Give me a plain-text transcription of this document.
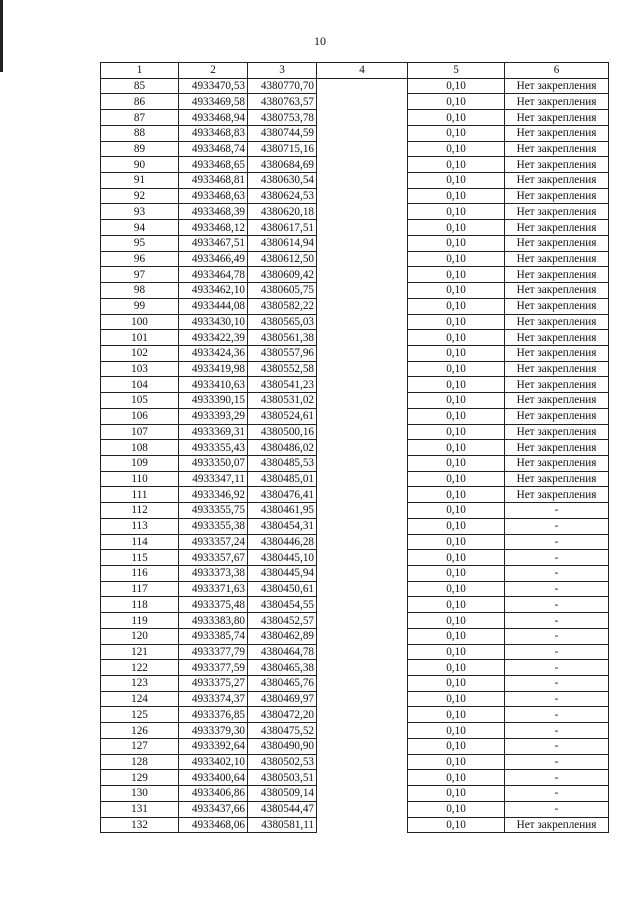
10
1	2	3	4	5	6
85	4933470,53	4380770,70		0,10	Нет закрепления
86	4933469,58	4380763,57		0,10	Нет закрепления
87	4933468,94	4380753,78		0,10	Нет закрепления
88	4933468,83	4380744,59		0,10	Нет закрепления
89	4933468,74	4380715,16		0,10	Нет закрепления
90	4933468,65	4380684,69		0,10	Нет закрепления
91	4933468,81	4380630,54		0,10	Нет закрепления
92	4933468,63	4380624,53		0,10	Нет закрепления
93	4933468,39	4380620,18		0,10	Нет закрепления
94	4933468,12	4380617,51		0,10	Нет закрепления
95	4933467,51	4380614,94		0,10	Нет закрепления
96	4933466,49	4380612,50		0,10	Нет закрепления
97	4933464,78	4380609,42		0,10	Нет закрепления
98	4933462,10	4380605,75		0,10	Нет закрепления
99	4933444,08	4380582,22		0,10	Нет закрепления
100	4933430,10	4380565,03		0,10	Нет закрепления
101	4933422,39	4380561,38		0,10	Нет закрепления
102	4933424,36	4380557,96		0,10	Нет закрепления
103	4933419,98	4380552,58		0,10	Нет закрепления
104	4933410,63	4380541,23		0,10	Нет закрепления
105	4933390,15	4380531,02		0,10	Нет закрепления
106	4933393,29	4380524,61		0,10	Нет закрепления
107	4933369,31	4380500,16		0,10	Нет закрепления
108	4933355,43	4380486,02		0,10	Нет закрепления
109	4933350,07	4380485,53		0,10	Нет закрепления
110	4933347,11	4380485,01		0,10	Нет закрепления
111	4933346,92	4380476,41		0,10	Нет закрепления
112	4933355,75	4380461,95		0,10	-
113	4933355,38	4380454,31		0,10	-
114	4933357,24	4380446,28		0,10	-
115	4933357,67	4380445,10		0,10	-
116	4933373,38	4380445,94		0,10	-
117	4933371,63	4380450,61		0,10	-
118	4933375,48	4380454,55		0,10	-
119	4933383,80	4380452,57		0,10	-
120	4933385,74	4380462,89		0,10	-
121	4933377,79	4380464,78		0,10	-
122	4933377,59	4380465,38		0,10	-
123	4933375,27	4380465,76		0,10	-
124	4933374,37	4380469,97		0,10	-
125	4933376,85	4380472,20		0,10	-
126	4933379,30	4380475,52		0,10	-
127	4933392,64	4380490,90		0,10	-
128	4933402,10	4380502,53		0,10	-
129	4933400,64	4380503,51		0,10	-
130	4933406,86	4380509,14		0,10	-
131	4933437,66	4380544,47		0,10	-
132	4933468,06	4380581,11		0,10	Нет закрепления
